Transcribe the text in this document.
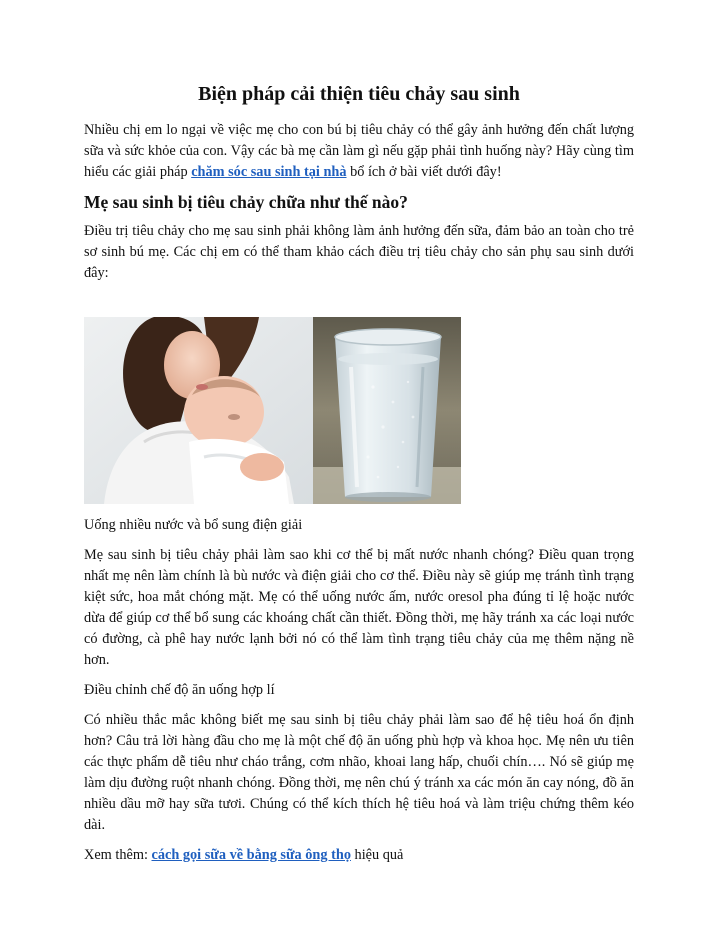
Biện pháp cải thiện tiêu chảy sau sinh

Nhiều chị em lo ngại về việc mẹ cho con bú bị tiêu chảy có thể gây ảnh hưởng đến chất lượng sữa và sức khỏe của con. Vậy các bà mẹ cần làm gì nếu gặp phải tình huống này? Hãy cùng tìm hiểu các giải pháp chăm sóc sau sinh tại nhà bổ ích ở bài viết dưới đây!

Mẹ sau sinh bị tiêu chảy chữa như thế nào?

Điều trị tiêu chảy cho mẹ sau sinh phải không làm ảnh hưởng đến sữa, đảm bảo an toàn cho trẻ sơ sinh bú mẹ. Các chị em có thể tham khảo cách điều trị tiêu chảy cho sản phụ sau sinh dưới đây:

Uống nhiều nước và bổ sung điện giải

Mẹ sau sinh bị tiêu chảy phải làm sao khi cơ thể bị mất nước nhanh chóng? Điều quan trọng nhất mẹ nên làm chính là bù nước và điện giải cho cơ thể. Điều này sẽ giúp mẹ tránh tình trạng kiệt sức, hoa mắt chóng mặt. Mẹ có thể uống nước ấm, nước oresol pha đúng tỉ lệ hoặc nước dừa để giúp cơ thể bổ sung các khoáng chất cần thiết. Đồng thời, mẹ hãy tránh xa các loại nước có đường, cà phê hay nước lạnh bởi nó có thể làm tình trạng tiêu chảy của mẹ thêm nặng nề hơn.

Điều chỉnh chế độ ăn uống hợp lí

Có nhiều thắc mắc không biết mẹ sau sinh bị tiêu chảy phải làm sao để hệ tiêu hoá ổn định hơn? Câu trả lời hàng đầu cho mẹ là một chế độ ăn uống phù hợp và khoa học. Mẹ nên ưu tiên các thực phẩm dễ tiêu như cháo trắng, cơm nhão, khoai lang hấp, chuối chín…. Nó sẽ giúp mẹ làm dịu đường ruột nhanh chóng. Đồng thời, mẹ nên chú ý tránh xa các món ăn cay nóng, đồ ăn nhiều dầu mỡ hay sữa tươi. Chúng có thể kích thích hệ tiêu hoá và làm triệu chứng thêm kéo dài.

Xem thêm: cách gọi sữa về bằng sữa ông thọ hiệu quả
